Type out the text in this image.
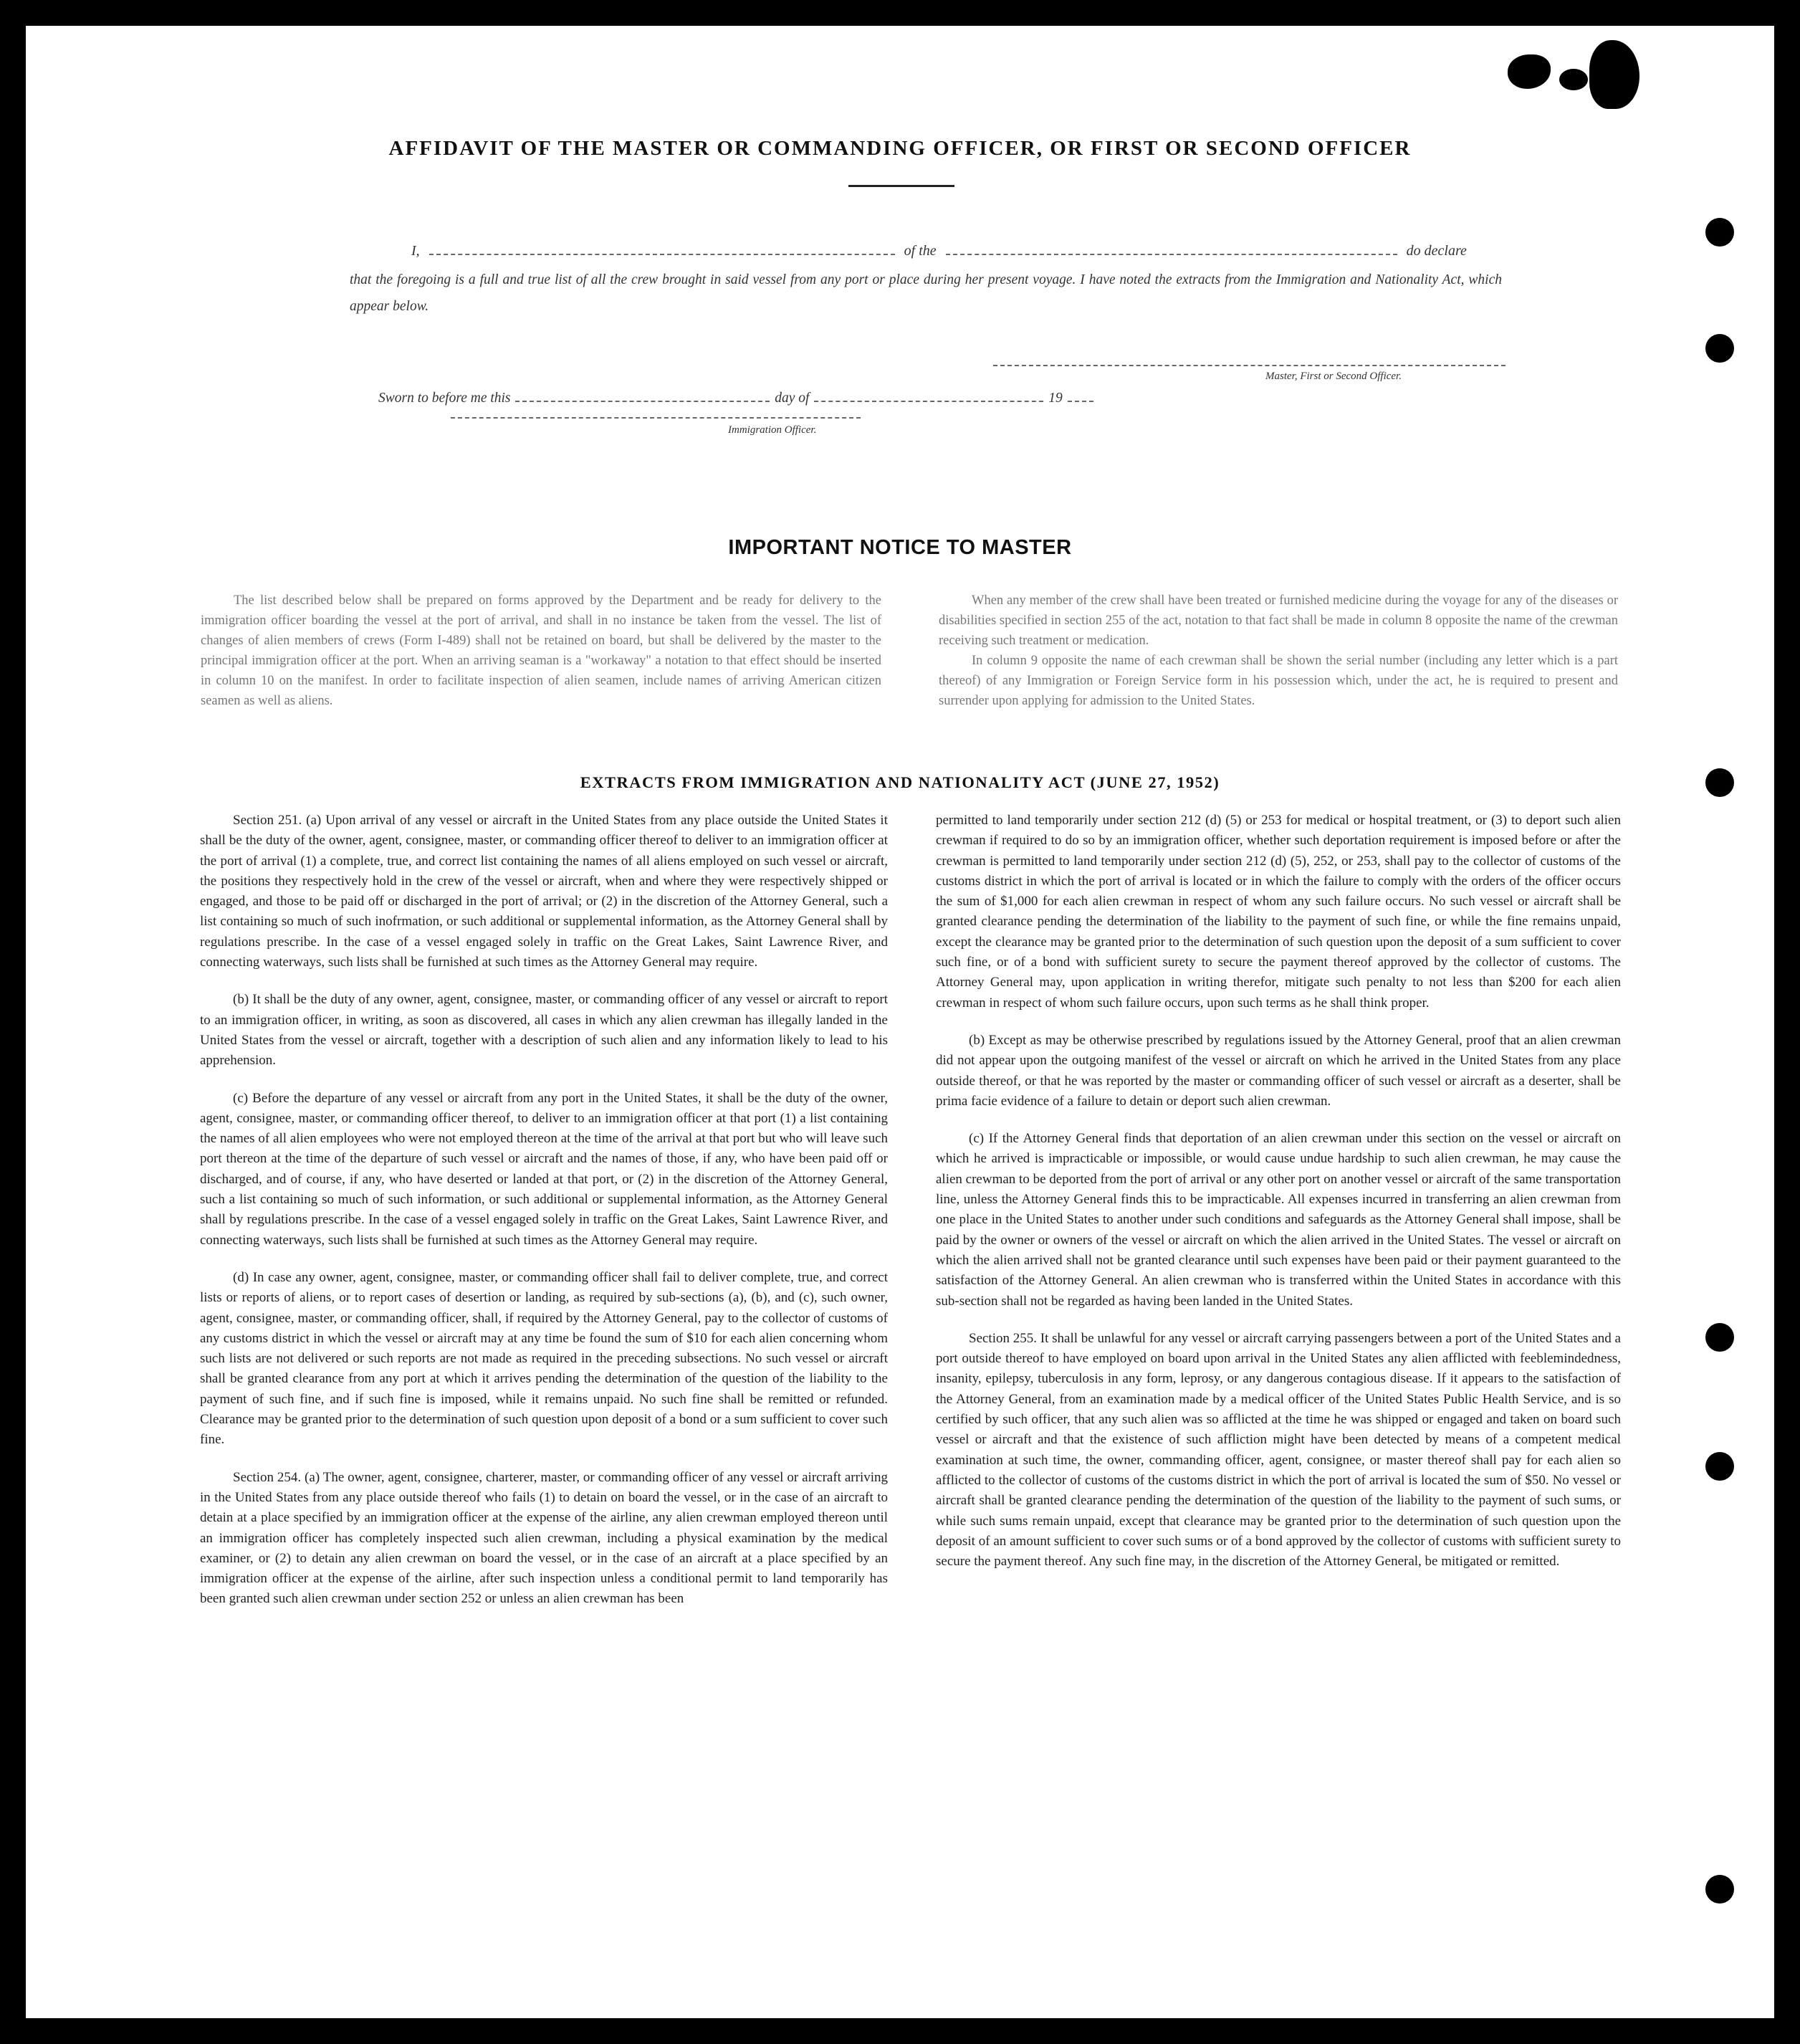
AFFIDAVIT OF THE MASTER OR COMMANDING OFFICER, OR FIRST OR SECOND OFFICER
I,	of the	do declare
that the foregoing is a full and true list of all the crew brought in said vessel from any port or place during her present voyage. I have noted the extracts from the Immigration and Nationality Act, which appear below.
Master, First or Second Officer.
Sworn to before me this	day of	19
Immigration Officer.
IMPORTANT NOTICE TO MASTER

The list described below shall be prepared on forms approved by the Department and be ready for delivery to the immigration officer boarding the vessel at the port of arrival, and shall in no instance be taken from the vessel. The list of changes of alien members of crews (Form I-489) shall not be retained on board, but shall be delivered by the master to the principal immigration officer at the port. When an arriving seaman is a "workaway" a notation to that effect should be inserted in column 10 on the manifest. In order to facilitate inspection of alien seamen, include names of arriving American citizen seamen as well as aliens.

When any member of the crew shall have been treated or furnished medicine during the voyage for any of the diseases or disabilities specified in section 255 of the act, notation to that fact shall be made in column 8 opposite the name of the crewman receiving such treatment or medication.

In column 9 opposite the name of each crewman shall be shown the serial number (including any letter which is a part thereof) of any Immigration or Foreign Service form in his possession which, under the act, he is required to present and surrender upon applying for admission to the United States.

EXTRACTS FROM IMMIGRATION AND NATIONALITY ACT (JUNE 27, 1952)

Section 251. (a) Upon arrival of any vessel or aircraft in the United States from any place outside the United States it shall be the duty of the owner, agent, consignee, master, or commanding officer thereof to deliver to an immigration officer at the port of arrival (1) a complete, true, and correct list containing the names of all aliens employed on such vessel or aircraft, the positions they respectively hold in the crew of the vessel or aircraft, when and where they were respectively shipped or engaged, and those to be paid off or discharged in the port of arrival; or (2) in the discretion of the Attorney General, such a list containing so much of such inofrmation, or such additional or supplemental information, as the Attorney General shall by regulations prescribe. In the case of a vessel engaged solely in traffic on the Great Lakes, Saint Lawrence River, and connecting waterways, such lists shall be furnished at such times as the Attorney General may require.

(b) It shall be the duty of any owner, agent, consignee, master, or commanding officer of any vessel or aircraft to report to an immigration officer, in writing, as soon as discovered, all cases in which any alien crewman has illegally landed in the United States from the vessel or aircraft, together with a description of such alien and any information likely to lead to his apprehension.

(c) Before the departure of any vessel or aircraft from any port in the United States, it shall be the duty of the owner, agent, consignee, master, or commanding officer thereof, to deliver to an immigration officer at that port (1) a list containing the names of all alien employees who were not employed thereon at the time of the arrival at that port but who will leave such port thereon at the time of the departure of such vessel or aircraft and the names of those, if any, who have been paid off or discharged, and of course, if any, who have deserted or landed at that port, or (2) in the discretion of the Attorney General, such a list containing so much of such information, or such additional or supplemental information, as the Attorney General shall by regulations prescribe. In the case of a vessel engaged solely in traffic on the Great Lakes, Saint Lawrence River, and connecting waterways, such lists shall be furnished at such times as the Attorney General may require.

(d) In case any owner, agent, consignee, master, or commanding officer shall fail to deliver complete, true, and correct lists or reports of aliens, or to report cases of desertion or landing, as required by sub-sections (a), (b), and (c), such owner, agent, consignee, master, or commanding officer, shall, if required by the Attorney General, pay to the collector of customs of any customs district in which the vessel or aircraft may at any time be found the sum of $10 for each alien concerning whom such lists are not delivered or such reports are not made as required in the preceding subsections. No such vessel or aircraft shall be granted clearance from any port at which it arrives pending the determination of the question of the liability to the payment of such fine, and if such fine is imposed, while it remains unpaid. No such fine shall be remitted or refunded. Clearance may be granted prior to the determination of such question upon deposit of a bond or a sum sufficient to cover such fine.

Section 254. (a) The owner, agent, consignee, charterer, master, or commanding officer of any vessel or aircraft arriving in the United States from any place outside thereof who fails (1) to detain on board the vessel, or in the case of an aircraft to detain at a place specified by an immigration officer at the expense of the airline, any alien crewman employed thereon until an immigration officer has completely inspected such alien crewman, including a physical examination by the medical examiner, or (2) to detain any alien crewman on board the vessel, or in the case of an aircraft at a place specified by an immigration officer at the expense of the airline, after such inspection unless a conditional permit to land temporarily has been granted such alien crewman under section 252 or unless an alien crewman has been

permitted to land temporarily under section 212 (d) (5) or 253 for medical or hospital treatment, or (3) to deport such alien crewman if required to do so by an immigration officer, whether such deportation requirement is imposed before or after the crewman is permitted to land temporarily under section 212 (d) (5), 252, or 253, shall pay to the collector of customs of the customs district in which the port of arrival is located or in which the failure to comply with the orders of the officer occurs the sum of $1,000 for each alien crewman in respect of whom any such failure occurs. No such vessel or aircraft shall be granted clearance pending the determination of the liability to the payment of such fine, or while the fine remains unpaid, except the clearance may be granted prior to the determination of such question upon the deposit of a sum sufficient to cover such fine, or of a bond with sufficient surety to secure the payment thereof approved by the collector of customs. The Attorney General may, upon application in writing therefor, mitigate such penalty to not less than $200 for each alien crewman in respect of whom such failure occurs, upon such terms as he shall think proper.

(b) Except as may be otherwise prescribed by regulations issued by the Attorney General, proof that an alien crewman did not appear upon the outgoing manifest of the vessel or aircraft on which he arrived in the United States from any place outside thereof, or that he was reported by the master or commanding officer of such vessel or aircraft as a deserter, shall be prima facie evidence of a failure to detain or deport such alien crewman.

(c) If the Attorney General finds that deportation of an alien crewman under this section on the vessel or aircraft on which he arrived is impracticable or impossible, or would cause undue hardship to such alien crewman, he may cause the alien crewman to be deported from the port of arrival or any other port on another vessel or aircraft of the same transportation line, unless the Attorney General finds this to be impracticable. All expenses incurred in transferring an alien crewman from one place in the United States to another under such conditions and safeguards as the Attorney General shall impose, shall be paid by the owner or owners of the vessel or aircraft on which the alien arrived in the United States. The vessel or aircraft on which the alien arrived shall not be granted clearance until such expenses have been paid or their payment guaranteed to the satisfaction of the Attorney General. An alien crewman who is transferred within the United States in accordance with this sub-section shall not be regarded as having been landed in the United States.

Section 255. It shall be unlawful for any vessel or aircraft carrying passengers between a port of the United States and a port outside thereof to have employed on board upon arrival in the United States any alien afflicted with feeblemindedness, insanity, epilepsy, tuberculosis in any form, leprosy, or any dangerous contagious disease. If it appears to the satisfaction of the Attorney General, from an examination made by a medical officer of the United States Public Health Service, and is so certified by such officer, that any such alien was so afflicted at the time he was shipped or engaged and taken on board such vessel or aircraft and that the existence of such affliction might have been detected by means of a competent medical examination at such time, the owner, commanding officer, agent, consignee, or master thereof shall pay for each alien so afflicted to the collector of customs of the customs district in which the port of arrival is located the sum of $50. No vessel or aircraft shall be granted clearance pending the determination of the question of the liability to the payment of such sums, or while such sums remain unpaid, except that clearance may be granted prior to the determination of such question upon the deposit of an amount sufficient to cover such sums or of a bond approved by the collector of customs with sufficient surety to secure the payment thereof. Any such fine may, in the discretion of the Attorney General, be mitigated or remitted.
